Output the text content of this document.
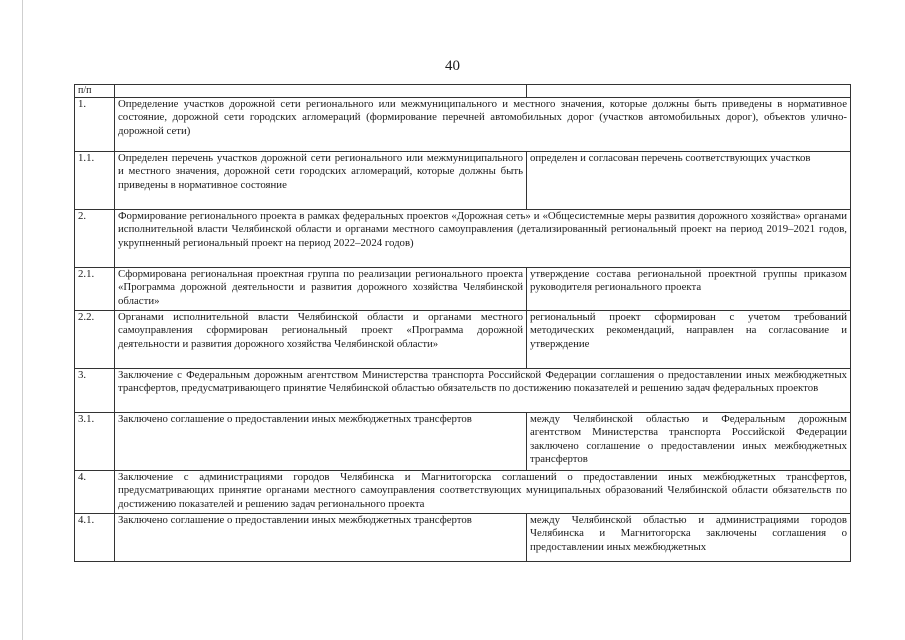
40
п/п		
1.	Определение участков дорожной сети регионального или межмуниципального и местного значения, которые должны быть приведены в нормативное состояние, дорожной сети городских агломераций (формирование перечней автомобильных дорог (участков автомобильных дорог), объектов улично-дорожной сети)	
1.1.	Определен перечень участков дорожной сети регионального или межмуниципального и местного значения, дорожной сети городских агломераций, которые должны быть приведены в нормативное состояние	определен и согласован перечень соответствующих участков
2.	Формирование регионального проекта в рамках федеральных проектов «Дорожная сеть» и «Общесистемные меры развития дорожного хозяйства» органами исполнительной власти Челябинской области и органами местного самоуправления (детализированный региональный проект на период 2019–2021 годов, укрупненный региональный проект на период 2022–2024 годов)	
2.1.	Сформирована региональная проектная группа по реализации регионального проекта «Программа дорожной деятельности и развития дорожного хозяйства Челябинской области»	утверждение состава региональной проектной группы приказом руководителя регионального проекта
2.2.	Органами исполнительной власти Челябинской области и органами местного самоуправления сформирован региональный проект «Программа дорожной деятельности и развития дорожного хозяйства Челябинской области»	региональный проект сформирован с учетом требований методических рекомендаций, направлен на согласование и утверждение
3.	Заключение с Федеральным дорожным агентством Министерства транспорта Российской Федерации соглашения о предоставлении иных межбюджетных трансфертов, предусматривающего принятие Челябинской областью обязательств по достижению показателей и решению задач федеральных проектов	
3.1.	Заключено соглашение о предоставлении иных межбюджетных трансфертов	между Челябинской областью и Федеральным дорожным агентством Министерства транспорта Российской Федерации заключено соглашение о предоставлении иных межбюджетных трансфертов
4.	Заключение с администрациями городов Челябинска и Магнитогорска соглашений о предоставлении иных межбюджетных трансфертов, предусматривающих принятие органами местного самоуправления соответствующих муниципальных образований Челябинской области обязательств по достижению показателей и решению задач регионального проекта	
4.1.	Заключено соглашение о предоставлении иных межбюджетных трансфертов	между Челябинской областью и администрациями городов Челябинска и Магнитогорска заключены соглашения о предоставлении иных межбюджетных
